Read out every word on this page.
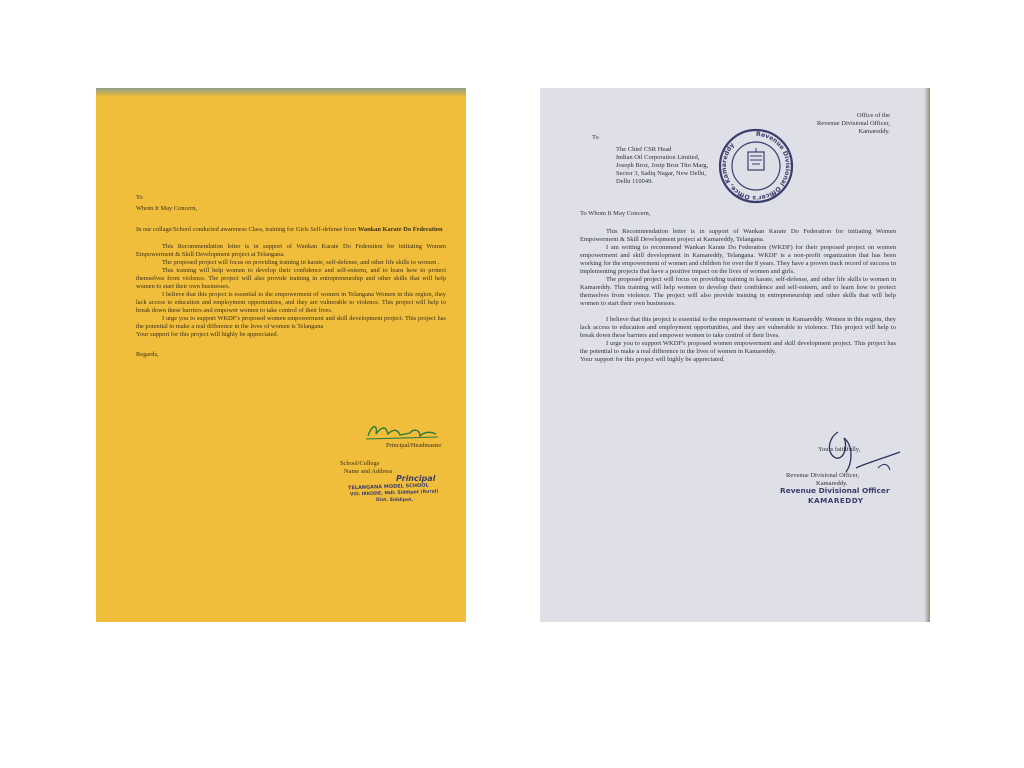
To
Whom It May Concern,

In our collage/School conducted awareness Class, training for Girls Self-defense from Wankan Karate Do Federation

This Recommendation letter is in support of Wankan Karate Do Federation for initiating Women Empowerment & Skill Development project at Telangana.

The proposed project will focus on providing training in karate, self-defense, and other life skills to women .

This training will help women to develop their confidence and self-esteem, and to learn how to protect themselves from violence. The project will also provide training in entrepreneurship and other skills that will help women to start their own businesses.

I believe that this project is essential to the empowerment of women in Telangana Women in this region, they lack access to education and employment opportunities, and they are vulnerable to violence. This project will help to break down these barriers and empower women to take control of their lives.

I urge you to support WKDF's proposed women empowerment and skill development project. This project has the potential to make a real difference in the lives of women is Telangana

Your support for this project will highly be appreciated.
Regards,
Principal/Headmaster
School/College
Name and Address
Principal
TELANGANA MODEL SCHOOL
Vill: IRKODE, Mdl: Siddipet (Rural)
Dist. Siddipet.
Office of the
Revenue Divisional Officer,
Kamareddy.
Revenue Divisional Officer's Office, Kamareddy
To
The Chief CSR Head
Indian Oil Corporation Limited,
Joseph Broz, Josip Broz Tito Marg,
Sector 3, Sadiq Nagar, New Delhi,
Delhi 110049.
To Whom It May Concern,

This Recommendation letter is in support of Wankan Karate Do Federation for initiating Women Empowerment & Skill Development project at Kamareddy, Telangana.

I am writing to recommend Wankan Karate Do Federation (WKDF) for their proposed project on women empowerment and skill development in Kamareddy, Telangana. WKDF is a non-profit organization that has been working for the empowerment of women and children for over the 8 years. They have a proven track record of success in implementing projects that have a positive impact on the lives of women and girls.

The proposed project will focus on providing training in karate, self-defense, and other life skills to women in Kamareddy. This training will help women to develop their confidence and self-esteem, and to learn how to protect themselves from violence. The project will also provide training in entrepreneurship and other skills that will help women to start their own businesses.

I believe that this project is essential to the empowerment of women in Kamareddy. Women in this region, they lack access to education and employment opportunities, and they are vulnerable to violence. This project will help to break down these barriers and empower women to take control of their lives.

I urge you to support WKDF's proposed women empowerment and skill development project. This project has the potential to make a real difference in the lives of women in Kamareddy.

Your support for this project will highly be appreciated.
Yours faithfully,
Revenue Divisional Officer,
Kamareddy.
Revenue Divisional Officer
KAMAREDDY
